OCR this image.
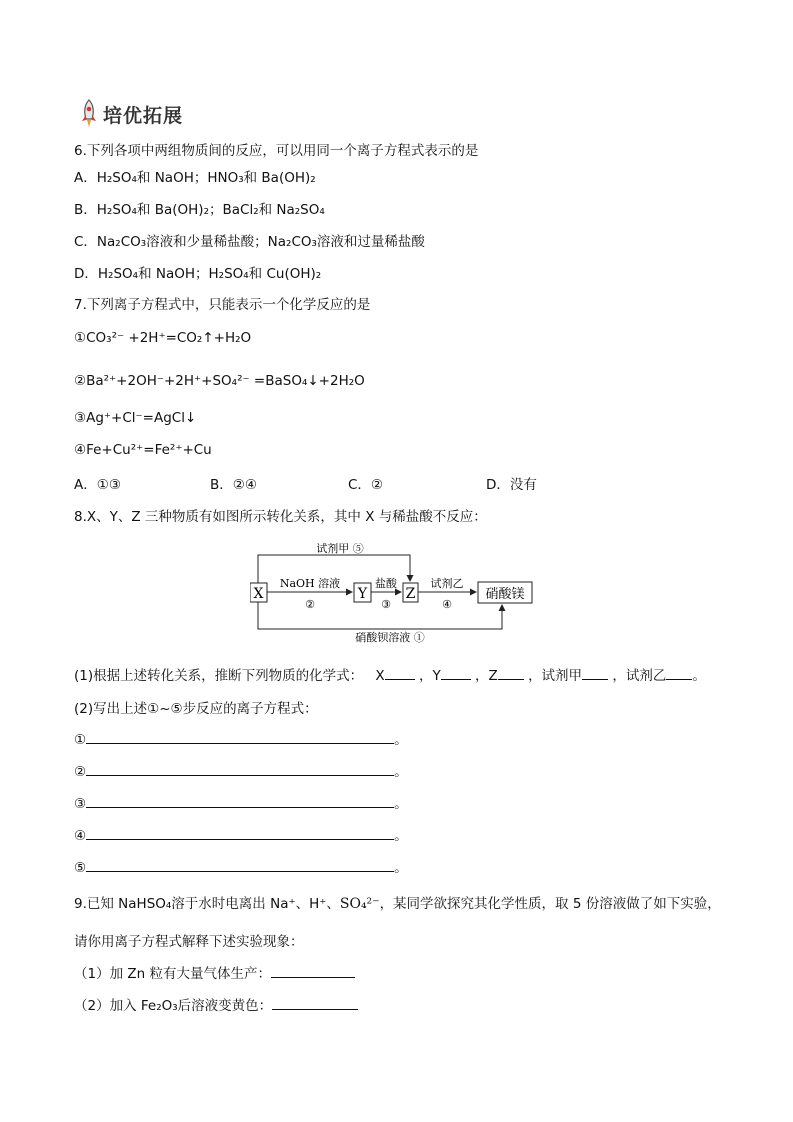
培优拓展
6.下列各项中两组物质间的反应，可以用同一个离子方程式表示的是
A．H₂SO₄和 NaOH；HNO₃和 Ba(OH)₂
B．H₂SO₄和 Ba(OH)₂；BaCl₂和 Na₂SO₄
C．Na₂CO₃溶液和少量稀盐酸；Na₂CO₃溶液和过量稀盐酸
D．H₂SO₄和 NaOH；H₂SO₄和 Cu(OH)₂
7.下列离子方程式中，只能表示一个化学反应的是
①CO₃²⁻ +2H⁺=CO₂↑+H₂O
②Ba²⁺+2OH⁻+2H⁺+SO₄²⁻ =BaSO₄↓+2H₂O
③Ag⁺+Cl⁻=AgCl↓
④Fe+Cu²⁺=Fe²⁺+Cu
A．①③	B．②④	C．②	D．没有
8.X、Y、Z 三种物质有如图所示转化关系，其中 X 与稀盐酸不反应：
X	Y	Z	硝酸镁
试剂甲 ⑤
NaOH 溶液
②
盐酸
③
试剂乙
④
硝酸钡溶液 ①
(1)根据上述转化关系，推断下列物质的化学式： X	，Y	，Z ，试剂甲 ，试剂乙 。
(2)写出上述①~⑤步反应的离子方程式：
①	。
②	。
③	。
④	。
⑤	。
9.已知 NaHSO₄溶于水时电离出 Na⁺、H⁺、SO₄²⁻，某同学欲探究其化学性质，取 5 份溶液做了如下实验，
请你用离子方程式解释下述实验现象：
（1）加 Zn 粒有大量气体生产：
（2）加入 Fe₂O₃后溶液变黄色：
